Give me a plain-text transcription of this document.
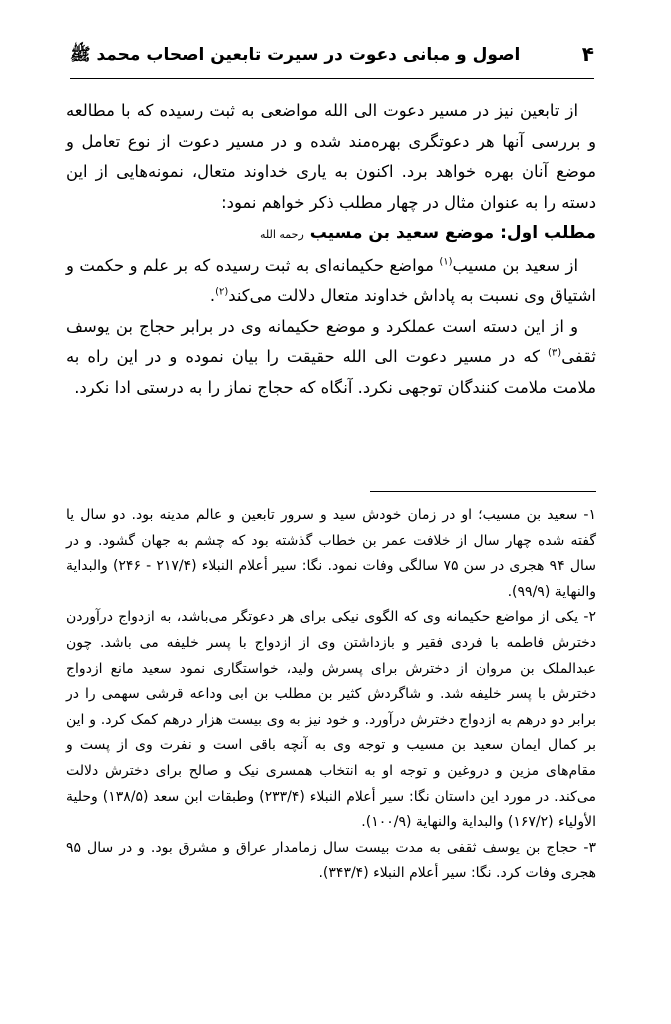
۴
اصول و مبانی دعوت در سیرت تابعین اصحاب محمد ﷺ

از تابعین نیز در مسیر دعوت الی الله مواضعی به ثبت رسیده که با مطالعه و بررسی آنها هر دعوتگری بهره‌مند شده و در مسیر دعوت از نوع تعامل و موضع آنان بهره خواهد برد. اکنون به یاری خداوند متعال، نمونه‌هایی از این دسته را به عنوان مثال در چهار مطلب ذکر خواهم نمود:

مطلب اول: موضع سعید بن مسیب رحمه الله

از سعید بن مسیب$^{(۱)}$ مواضع حکیمانه‌ای به ثبت رسیده که بر علم و حکمت و اشتیاق وی نسبت به پاداش خداوند متعال دلالت می‌کند$^{(۲)}$.

و از این دسته است عملکرد و موضع حکیمانه وی در برابر حجاج بن یوسف ثقفی$^{(۳)}$ که در مسیر دعوت الی الله حقیقت را بیان نموده و در این راه به ملامت ملامت کنندگان توجهی نکرد. آنگاه که حجاج نماز را به درستی ادا نکرد.

۱- سعید بن مسیب؛ او در زمان خودش سید و سرور تابعین و عالم مدینه بود. دو سال یا گفته شده چهار سال از خلافت عمر بن خطاب گذشته بود که چشم به جهان گشود. و در سال ۹۴ هجری در سن ۷۵ سالگی وفات نمود. نگا: سیر أعلام النبلاء (۲۱۷/۴ - ۲۴۶) والبدایة والنهایة (۹۹/۹).

۲- یکی از مواضع حکیمانه وی که الگوی نیکی برای هر دعوتگر می‌باشد، به ازدواج درآوردن دخترش فاطمه با فردی فقیر و بازداشتن وی از ازدواج با پسر خلیفه می باشد. چون عبدالملک بن مروان از دخترش برای پسرش ولید، خواستگاری نمود سعید مانع ازدواج دخترش با پسر خلیفه شد. و شاگردش کثیر بن مطلب بن ابی وداعه قرشی سهمی را در برابر دو درهم به ازدواج دخترش درآورد. و خود نیز به وی بیست هزار درهم کمک کرد. و این بر کمال ایمان سعید بن مسیب و توجه وی به آنچه باقی است و نفرت وی از پست و مقام‌های مزین و دروغین و توجه او به انتخاب همسری نیک و صالح برای دخترش دلالت می‌کند. در مورد این داستان نگا: سیر أعلام النبلاء (۲۳۳/۴) وطبقات ابن سعد (۱۳۸/۵) وحلیة الأولیاء (۱۶۷/۲) والبدایة والنهایة (۱۰۰/۹).

۳- حجاج بن یوسف ثقفی به مدت بیست سال زمامدار عراق و مشرق بود. و در سال ۹۵ هجری وفات کرد. نگا: سیر أعلام النبلاء (۳۴۳/۴).
